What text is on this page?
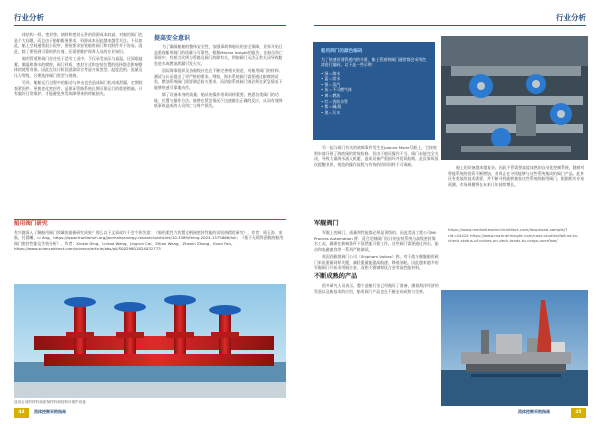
行业分析

体结构一样。密封垫、填料和密封元件的资源成本较高，对船用阀门也是个大问题，而且由于船舶服务要求，资源成本因此越来越受关注。不仅如此，船上空间通常很小很窄，要按要求安装船用阀门和其附件并不容易。国此，除了要找到可靠的供应商，还需要维护保养人员的专业知识。

船用管道和阀门往往处于恶劣工况中，不仅承受高压与高温，还面临盐雾、潮湿和海水的腐蚀，阀门材质、密封方式和安装位置的选择都会影响整体的使用寿命。因此在设计阶段就需综合考虑介质类型、温度范围、流量及压力等级，合理选择阀门类型与规格。

另外，船舶运行过程中的振动与冲击也会造成阀门松动或泄漏，定期检查紧固件、更换老化密封件，是保证管路系统长期可靠运行的重要措施。只有做好日常维护，才能避免突发故障带来的停航损失。

提高安全意识

为了确保船舶的整体安全性，加强事故和船员的安全保障，业界开始日益重视船用阀门的质量与可靠性。根据Marine Insight的报告，在船员伤亡事故中，有相当比例与管路及阀门故障有关，例如阀门无法正常关闭导致舱室进水或燃油泄漏引发火灾。

国际海事组织及各船级社也在不断完善相关规范，对船用阀门的材料、测试与认证提出了更严格的要求。例如，海水系统阀门需要通过耐腐蚀试验，燃油系统阀门需要满足防火要求，而消防系统阀门则必须在紧急情况下能够快速可靠地动作。

除了设备本身的质量，船员的操作培训同样重要。熟悉各类阀门的功能、位置与操作方法，能够在紧急情况下迅速做出正确的反应，从而有效降低事故造成的人员伤亡与财产损失。

船用阀门研究
有兴趣深入了解船用阀门领域的最新研究成果？那么以下文章或许不会令你失望：《船用柔性力装置全柄阀密封性能的试验热精优研究》，作者：邢玉涛、余航、付晨曦、Li Ang。https://www.frontiersin.org/journals/energy-research/articles/10.3389/fenrg.2024.1375866/full；《基于无瑕得函数的船用阀门密封性能及失效分析》，作者：Xinkai Ding、Lintao Wang、Jingrun Cai、Zihan Wang、Zhexin Zhang、Kuan Fan。https://www.sciencedirect.com/science/article/abs/pii/S0029801824032773
选用合适的材料和质保材料和结构可保护设备
44	流体控制采购指南
行业分析
船用阀门的颜色编码
为了快速识别管道内的介质，船上管道和阀门通常都会采用色漆进行编码。以下是一些示例：
• 绿＝海水
• 蓝＝淡水
• 银＝蒸汽
• 灰＝不可燃气体
• 黄＝燃油
• 红＝消防水管
• 紫＝碱/氨
• 黑＝污水

另一起与阀门有关的故障事件发生在Joanne Marie号船上，它按规则申请开展了海底阀的常规检修，但由于船员操作不当，阀门未能完全关闭，导致大量海水涌入机舱，造成设备严重损坏并延误航期。此次事故再次提醒业界，规范的操作流程与有效的培训同样不可或缺。

军舰阀门

军舰上的阀门，质量和性能都必须是顶级的。因此美国工程公司Mil Process Automation 将：适合定制阀门设计的安装系统与高级密封海水工况，确保在极端条件下依然能可靠工作。这些阀门需要通过冲击、振动和电磁兼容等一系列严格测试。

英国西雅图阀门公司（Shipham Valves）称，对于战斗舰艇船用阀门来说重量同样关键，减轻重量能提高航速、降低油耗。因此越来越多的军舰阀门开始采用铜合金、双相不锈钢和钛合金等高性能材料。

不断成熟的产品

很多研究人员表示，整个造船行业已经做好了准备，随着海洋经济的发展以及新技术的应用，船用阀门产品也在不断走向成熟与完善。

船上的设备越来越复杂，因此不管需要高度成熟的自动化控制系统，随着对智能系统的投资不断增加，业界正在寻找能够与这些系统集成的阀门产品。此外还有类似的技术需要，并不断寻找能够兼容这些系统的船用阀门，根据相关专家预测，市场规模将在未来几年持续增长。

https://www.marketresearchintellect.com/download-sample/?rid=44424 https://www.marinerinsight.com/case-studies/failure-to-check-status-of-valves-on-deck-leads-to-cargo-overflow/
流体控制采购指南	45
